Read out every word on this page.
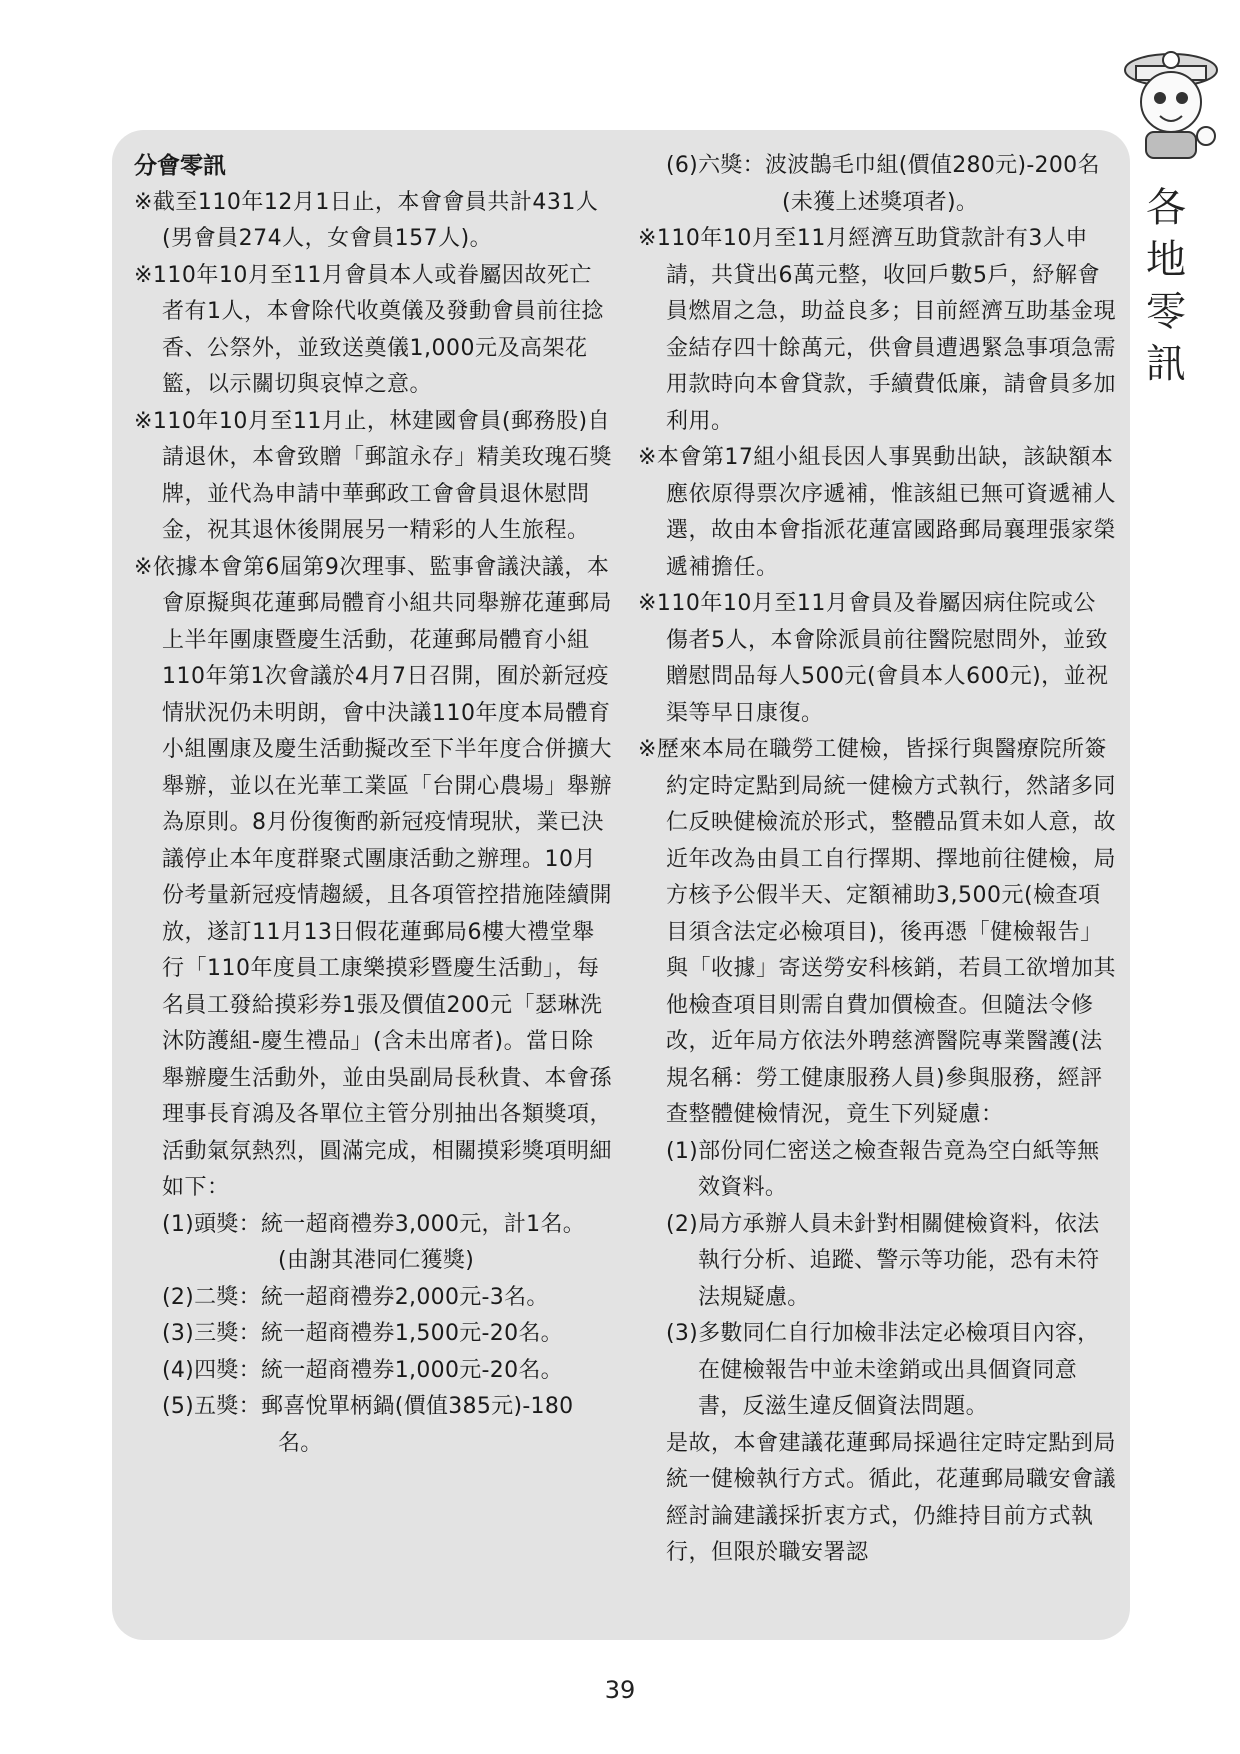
各地零訊

分會零訊

※截至110年12月1日止，本會會員共計431人(男會員274人，女會員157人)。

※110年10月至11月會員本人或眷屬因故死亡者有1人，本會除代收奠儀及發動會員前往捻香、公祭外，並致送奠儀1,000元及高架花籃，以示關切與哀悼之意。

※110年10月至11月止，林建國會員(郵務股)自請退休，本會致贈「郵誼永存」精美玫瑰石獎牌，並代為申請中華郵政工會會員退休慰問金，祝其退休後開展另一精彩的人生旅程。

※依據本會第6屆第9次理事、監事會議決議，本會原擬與花蓮郵局體育小組共同舉辦花蓮郵局上半年團康暨慶生活動，花蓮郵局體育小組110年第1次會議於4月7日召開，囿於新冠疫情狀況仍未明朗，會中決議110年度本局體育小組團康及慶生活動擬改至下半年度合併擴大舉辦，並以在光華工業區「台開心農場」舉辦為原則。8月份復衡酌新冠疫情現狀，業已決議停止本年度群聚式團康活動之辦理。10月份考量新冠疫情趨緩，且各項管控措施陸續開放，遂訂11月13日假花蓮郵局6樓大禮堂舉行「110年度員工康樂摸彩暨慶生活動」，每名員工發給摸彩券1張及價值200元「瑟琳洗沐防護組-慶生禮品」(含未出席者)。當日除舉辦慶生活動外，並由吳副局長秋貴、本會孫理事長育鴻及各單位主管分別抽出各類獎項，活動氣氛熱烈，圓滿完成，相關摸彩獎項明細如下：

(1)頭獎：統一超商禮券3,000元，計1名。(由謝其港同仁獲獎)

(2)二獎：統一超商禮券2,000元-3名。

(3)三獎：統一超商禮券1,500元-20名。

(4)四獎：統一超商禮券1,000元-20名。

(5)五獎：郵喜悅單柄鍋(價值385元)-180名。

(6)六獎：波波鵲毛巾組(價值280元)-200名(未獲上述獎項者)。

※110年10月至11月經濟互助貸款計有3人申請，共貸出6萬元整，收回戶數5戶，紓解會員燃眉之急，助益良多；目前經濟互助基金現金結存四十餘萬元，供會員遭遇緊急事項急需用款時向本會貸款，手續費低廉，請會員多加利用。

※本會第17組小組長因人事異動出缺，該缺額本應依原得票次序遞補，惟該組已無可資遞補人選，故由本會指派花蓮富國路郵局襄理張家榮遞補擔任。

※110年10月至11月會員及眷屬因病住院或公傷者5人，本會除派員前往醫院慰問外，並致贈慰問品每人500元(會員本人600元)，並祝渠等早日康復。

※歷來本局在職勞工健檢，皆採行與醫療院所簽約定時定點到局統一健檢方式執行，然諸多同仁反映健檢流於形式，整體品質未如人意，故近年改為由員工自行擇期、擇地前往健檢，局方核予公假半天、定額補助3,500元(檢查項目須含法定必檢項目)，後再憑「健檢報告」與「收據」寄送勞安科核銷，若員工欲增加其他檢查項目則需自費加價檢查。但隨法令修改，近年局方依法外聘慈濟醫院專業醫護(法規名稱：勞工健康服務人員)參與服務，經評查整體健檢情況，竟生下列疑慮：

(1)部份同仁密送之檢查報告竟為空白紙等無效資料。

(2)局方承辦人員未針對相關健檢資料，依法執行分析、追蹤、警示等功能，恐有未符法規疑慮。

(3)多數同仁自行加檢非法定必檢項目內容，在健檢報告中並未塗銷或出具個資同意書，反滋生違反個資法問題。

是故，本會建議花蓮郵局採過往定時定點到局統一健檢執行方式。循此，花蓮郵局職安會議經討論建議採折衷方式，仍維持目前方式執行，但限於職安署認

39
